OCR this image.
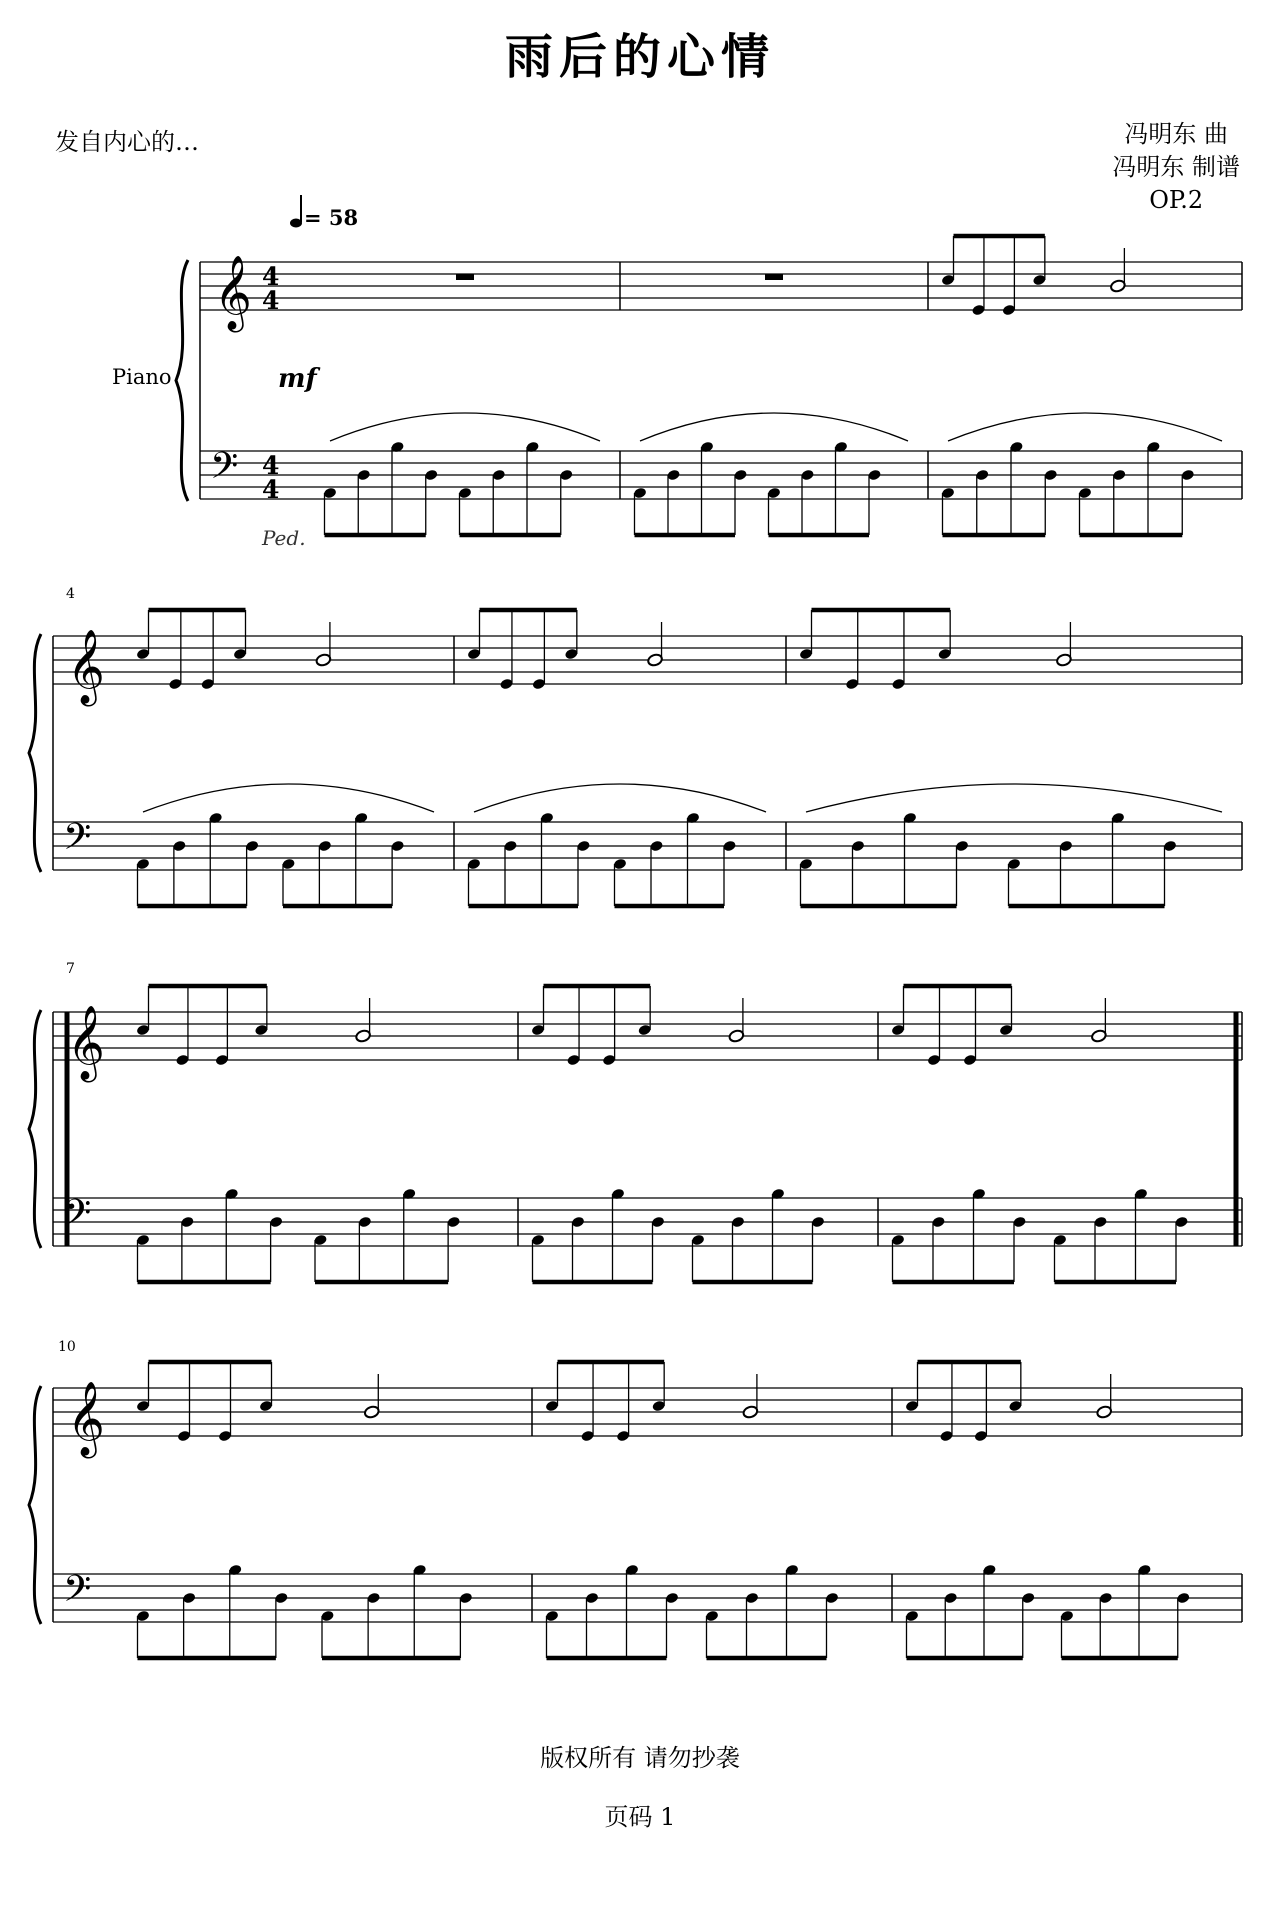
雨后的心情
发自内心的…	冯明东 曲
冯明东 制谱
OP.2
= 58
Piano	mf
Ped.
4
7
10
𝄞
𝄢
𝄞
𝄢
𝄞
𝄢
𝄞
𝄢
4
4
4
4
版权所有 请勿抄袭
页码 1
